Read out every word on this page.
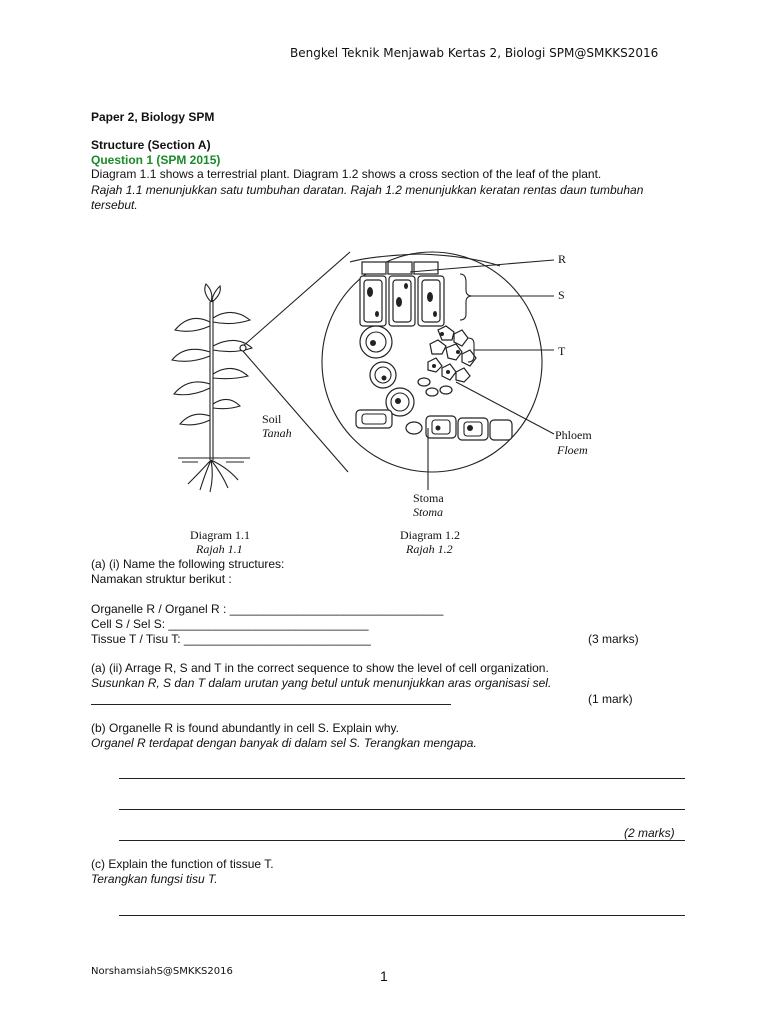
Bengkel Teknik Menjawab Kertas 2, Biologi SPM@SMKKS2016
Paper 2, Biology SPM
Structure (Section A)
Question 1 (SPM 2015)
Diagram 1.1 shows a terrestrial plant. Diagram 1.2 shows a cross section of the leaf of the plant.
Rajah 1.1 menunjukkan satu tumbuhan daratan. Rajah 1.2 menunjukkan keratan rentas daun tumbuhan
tersebut.
R
S
T
Soil
Tanah	Phloem
Floem
Stoma
Stoma
Diagram 1.1
Rajah 1.1
Diagram 1.2
Rajah 1.2
(a) (i) Name the following structures:
Namakan struktur berikut :
Organelle R / Organel R : ________________________________
Cell S / Sel S: ______________________________
Tissue T / Tisu T: ____________________________	(3 marks)
(a) (ii) Arrage R, S and T in the correct sequence to show the level of cell organization.
Susunkan R, S dan T dalam urutan yang betul untuk menunjukkan aras organisasi sel.
(1 mark)
(b) Organelle R is found abundantly in cell S. Explain why.
Organel R terdapat dengan banyak di dalam sel S. Terangkan mengapa.
(2 marks)
(c) Explain the function of tissue T.
Terangkan fungsi tisu T.
NorshamsiahS@SMKKS2016	1
